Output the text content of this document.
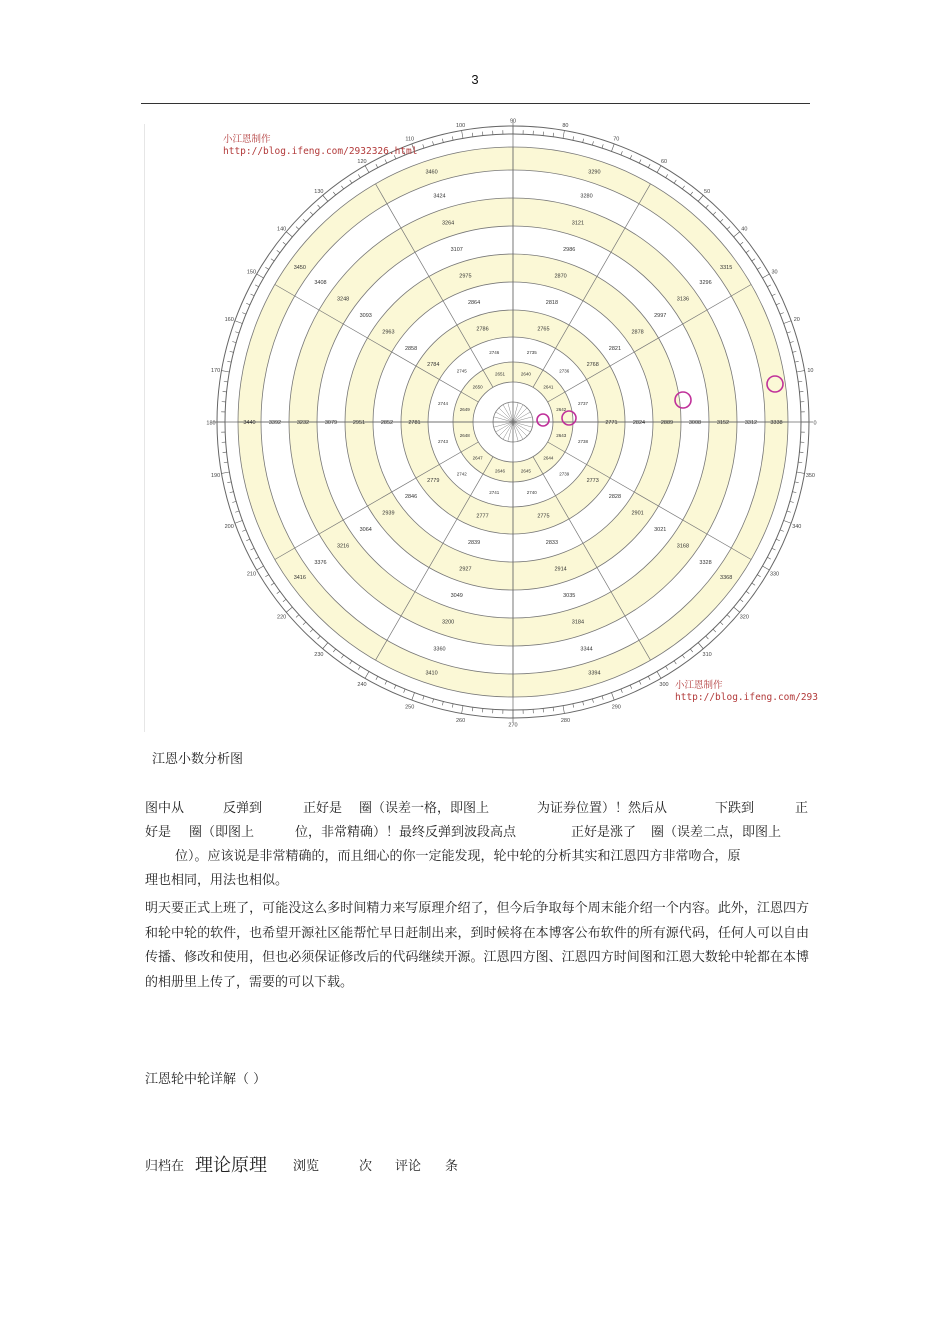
3
0
10
20
30
40
50
60
70
80
90
100
110
120
130
140
150
160
170
180
190
200
210
220
230
240
250
260
270
280
290
300
310
320
330
340
350
2640
2641
2642
2643
2644
2645
2646
2647
2648
2649
2650
2651
2735
2736
2737
2738
2739
2740
2741
2742
2743
2744
2745
2746
2765
2768
2771
2773
2775
2777
2779
2781
2784
2786
2818
2821
2824
2828
2833
2839
2846
2852
2858
2864
2870
2878
2889
2901
2914
2927
2939
2951
2963
2975
2986
2997
3008
3021
3035
3049
3064
3079
3093
3107
3121
3136
3152
3168
3184
3200
3216
3232
3248
3264
3280
3296
3312
3328
3344
3360
3376
3392
3408
3424
3290
3315
3338
3368
3394
3410
3416
3440
3450
3460
小江恩制作
http://blog.ifeng.com/2932326.html
小江恩制作
http://blog.ifeng.com/293
江恩小数分析图
图中从	反弹到	正好是 圈（误差一格，即图上	为证券位置）！然后从	下跌到	正
好是 圈（即图上	位，非常精确）！最终反弹到波段高点	正好是涨了 圈（误差二点，即图上
位）。应该说是非常精确的，而且细心的你一定能发现，轮中轮的分析其实和江恩四方非常吻合，原
理也相同，用法也相似。

明天要正式上班了，可能没这么多时间精力来写原理介绍了，但今后争取每个周末能介绍一个内容。此外，江恩四方和轮中轮的软件，也希望开源社区能帮忙早日赶制出来，到时候将在本博客公布软件的所有源代码，任何人可以自由传播、修改和使用，但也必须保证修改后的代码继续开源。江恩四方图、江恩四方时间图和江恩大数轮中轮都在本博的相册里上传了，需要的可以下载。

江恩轮中轮详解（ ）
归档在 理论原理 浏览	次 评论 条
